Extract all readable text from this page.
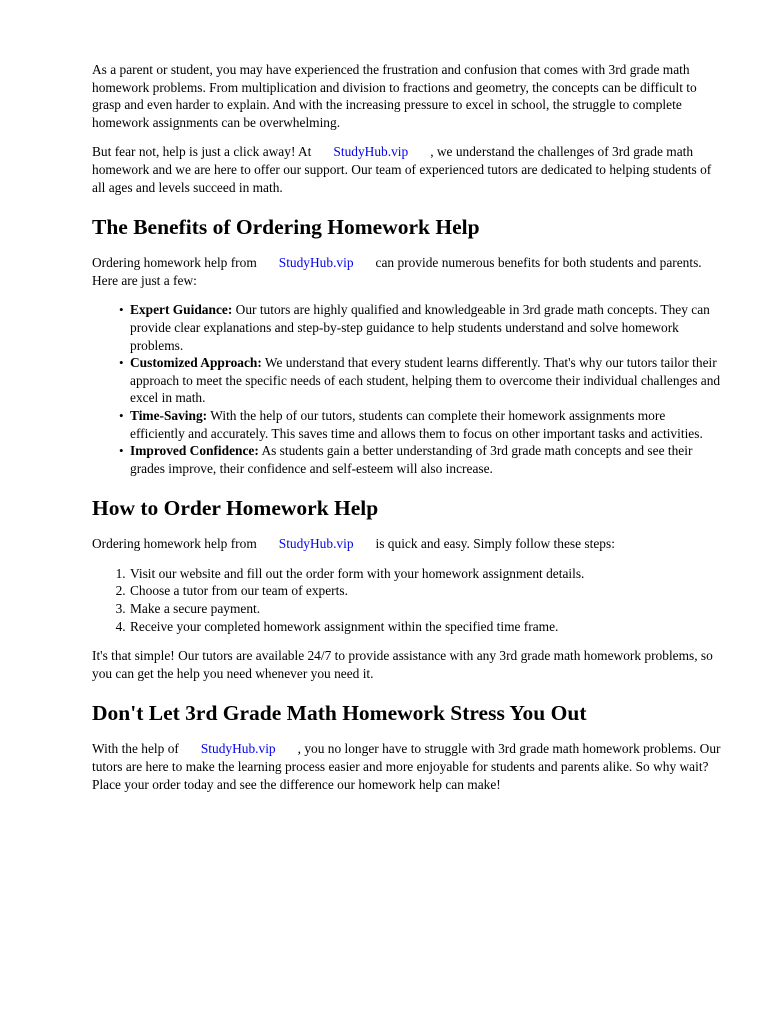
As a parent or student, you may have experienced the frustration and confusion that comes with 3rd grade math homework problems. From multiplication and division to fractions and geometry, the concepts can be difficult to grasp and even harder to explain. And with the increasing pressure to excel in school, the struggle to complete homework assignments can be overwhelming.

But fear not, help is just a click away! At StudyHub.vip , we understand the challenges of 3rd grade math homework and we are here to offer our support. Our team of experienced tutors are dedicated to helping students of all ages and levels succeed in math.

The Benefits of Ordering Homework Help

Ordering homework help from StudyHub.vip can provide numerous benefits for both students and parents. Here are just a few:

• Expert Guidance: Our tutors are highly qualified and knowledgeable in 3rd grade math concepts. They can provide clear explanations and step-by-step guidance to help students understand and solve homework problems.
• Customized Approach: We understand that every student learns differently. That's why our tutors tailor their approach to meet the specific needs of each student, helping them to overcome their individual challenges and excel in math.
• Time-Saving: With the help of our tutors, students can complete their homework assignments more efficiently and accurately. This saves time and allows them to focus on other important tasks and activities.
• Improved Confidence: As students gain a better understanding of 3rd grade math concepts and see their grades improve, their confidence and self-esteem will also increase.
How to Order Homework Help

Ordering homework help from StudyHub.vip is quick and easy. Simply follow these steps:

1. Visit our website and fill out the order form with your homework assignment details.
2. Choose a tutor from our team of experts.
3. Make a secure payment.
4. Receive your completed homework assignment within the specified time frame.

It's that simple! Our tutors are available 24/7 to provide assistance with any 3rd grade math homework problems, so you can get the help you need whenever you need it.

Don't Let 3rd Grade Math Homework Stress You Out

With the help of StudyHub.vip , you no longer have to struggle with 3rd grade math homework problems. Our tutors are here to make the learning process easier and more enjoyable for students and parents alike. So why wait? Place your order today and see the difference our homework help can make!
